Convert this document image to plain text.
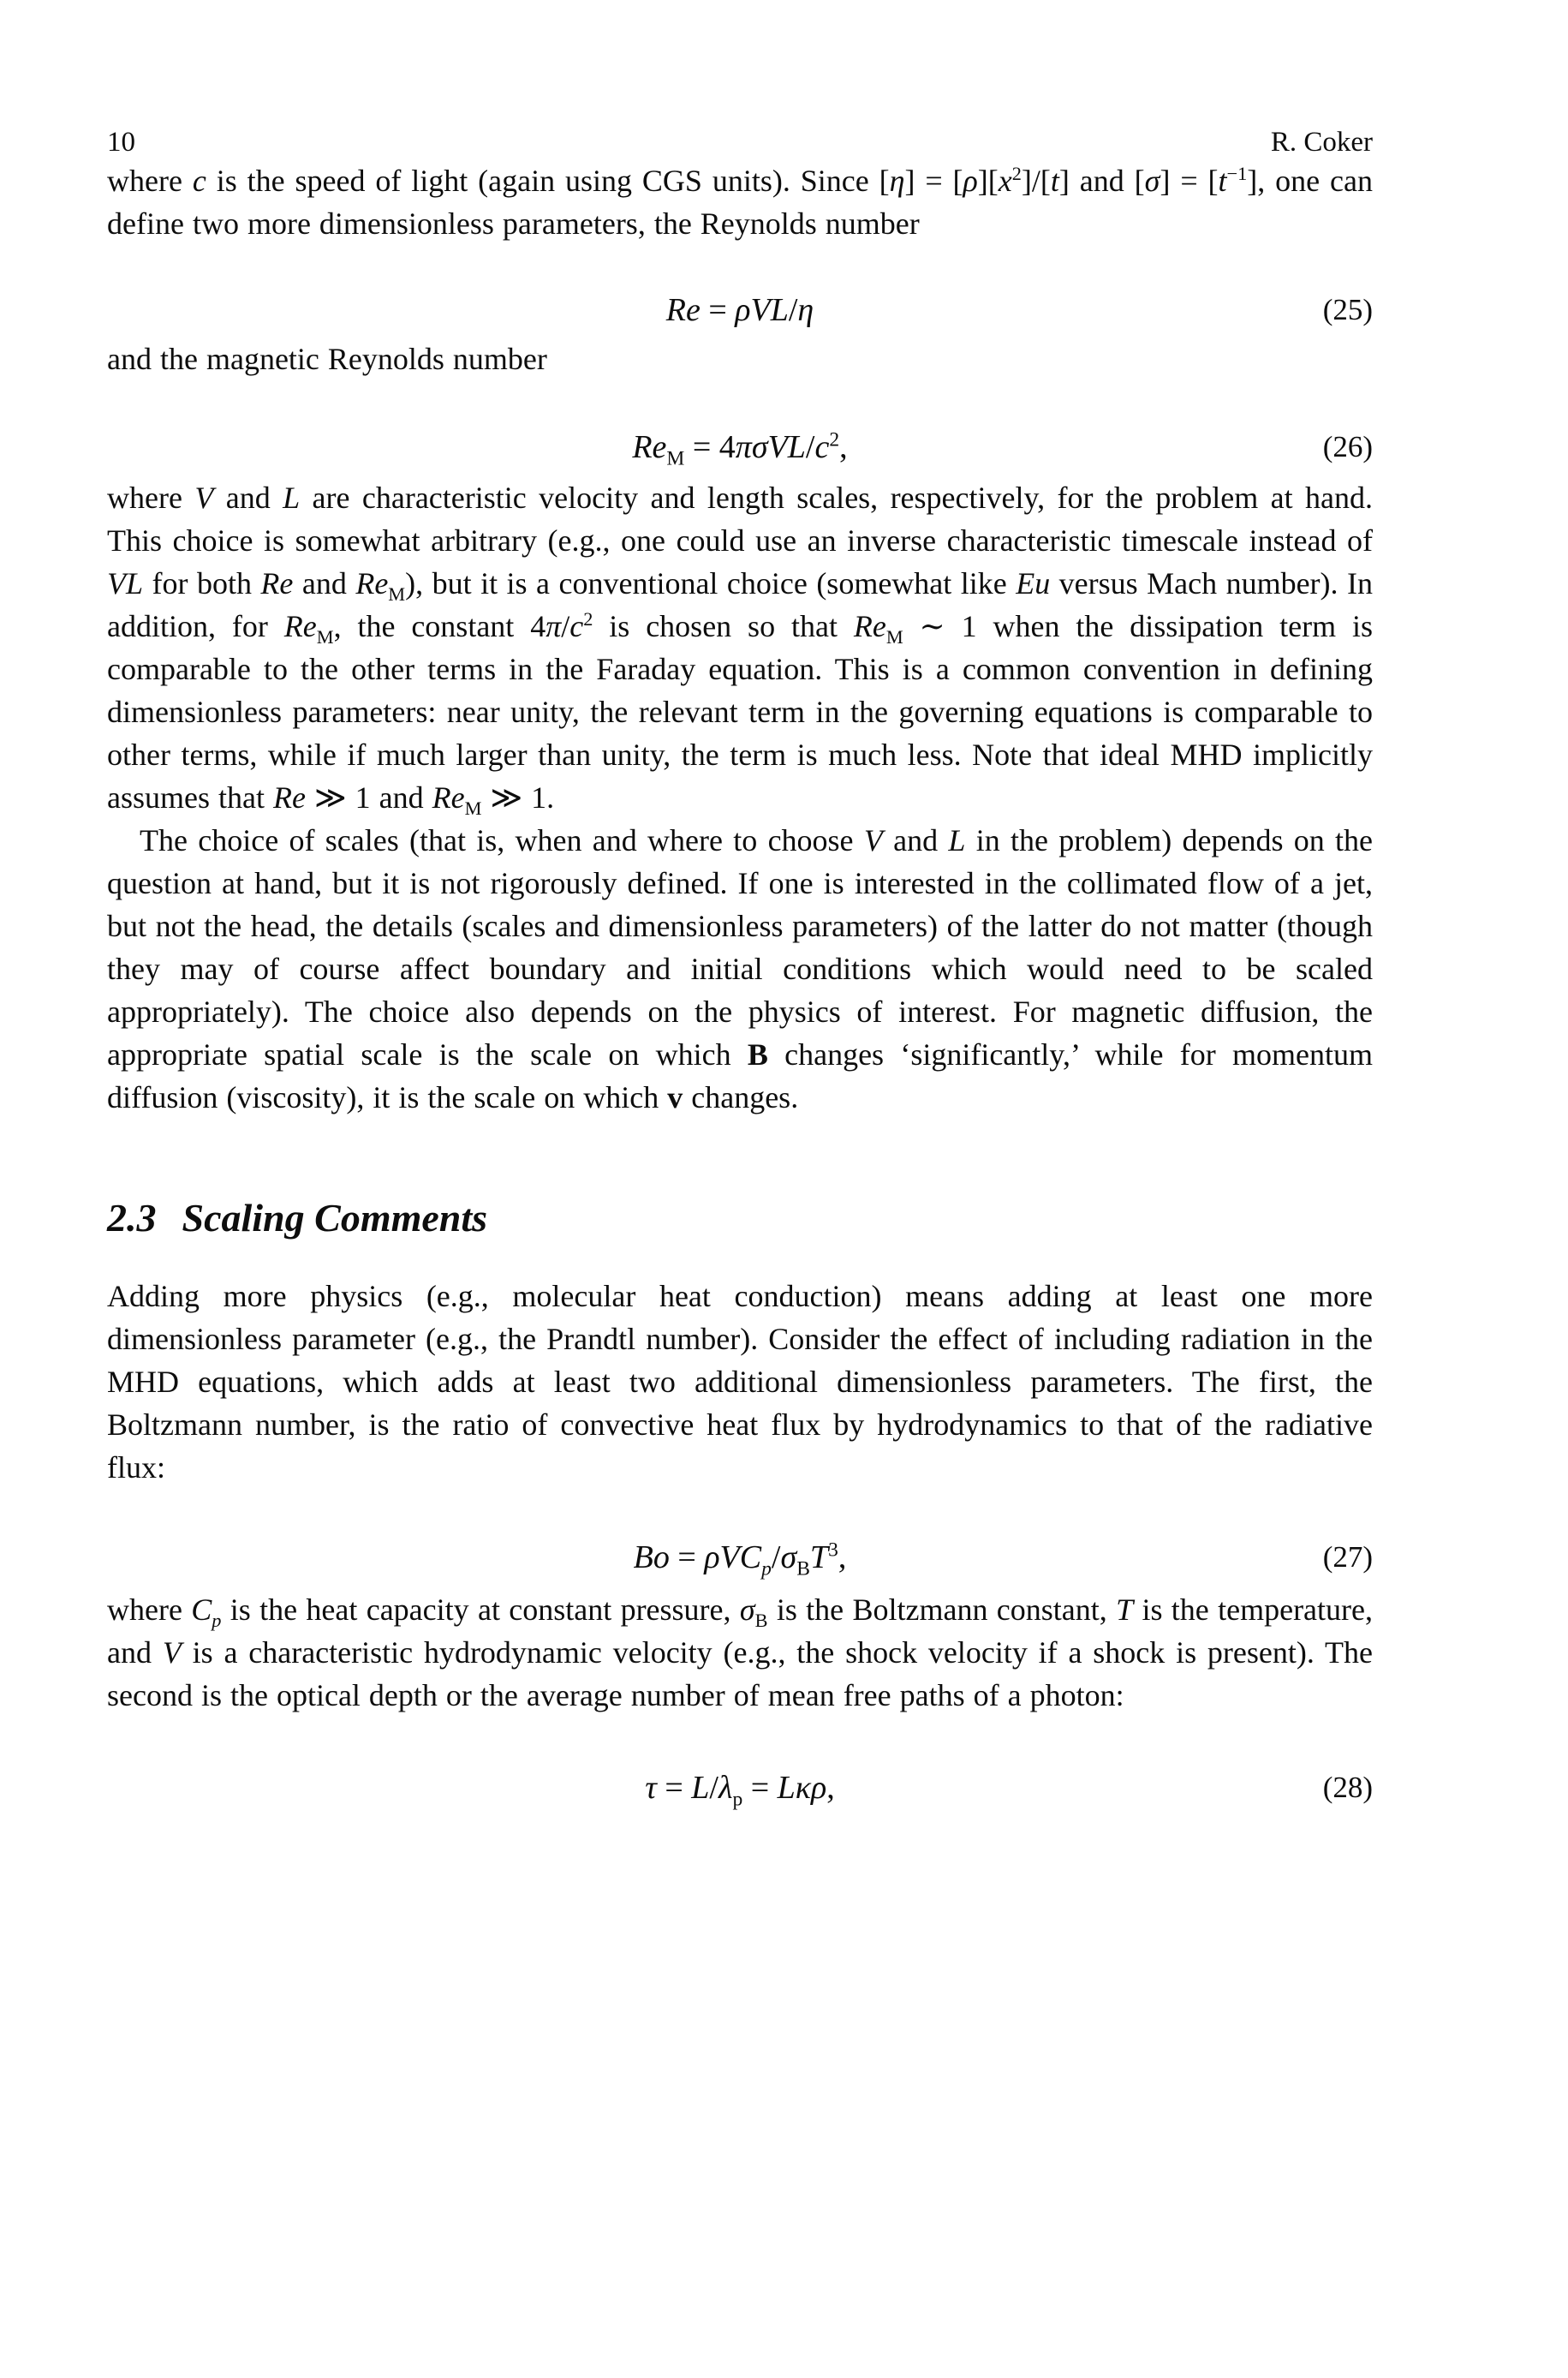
10	R. Coker

where c is the speed of light (again using CGS units). Since $[\eta] = [\rho][x^2]/[t]$ and $[\sigma] = [t^{-1}]$, one can define two more dimensionless parameters, the Reynolds number

Re = ρVL/η	(25)

and the magnetic Reynolds number

$Re_M = 4\pi\sigma VL/c^2$,	(26)

where V and L are characteristic velocity and length scales, respectively, for the problem at hand. This choice is somewhat arbitrary (e.g., one could use an inverse characteristic timescale instead of VL for both Re and $Re_M$), but it is a conventional choice (somewhat like Eu versus Mach number). In addition, for $Re_M$, the constant $4\pi/c^2$ is chosen so that $Re_M$ ∼ 1 when the dissipation term is comparable to the other terms in the Faraday equation. This is a common convention in defining dimensionless parameters: near unity, the relevant term in the governing equations is comparable to other terms, while if much larger than unity, the term is much less. Note that ideal MHD implicitly assumes that Re ≫ 1 and $Re_M$ ≫ 1.

The choice of scales (that is, when and where to choose V and L in the problem) depends on the question at hand, but it is not rigorously defined. If one is interested in the collimated flow of a jet, but not the head, the details (scales and dimensionless parameters) of the latter do not matter (though they may of course affect boundary and initial conditions which would need to be scaled appropriately). The choice also depends on the physics of interest. For magnetic diffusion, the appropriate spatial scale is the scale on which B changes ‘significantly,’ while for momentum diffusion (viscosity), it is the scale on which v changes.

2.3 Scaling Comments

Adding more physics (e.g., molecular heat conduction) means adding at least one more dimensionless parameter (e.g., the Prandtl number). Consider the effect of including radiation in the MHD equations, which adds at least two additional dimensionless parameters. The first, the Boltzmann number, is the ratio of convective heat flux by hydrodynamics to that of the radiative flux:

$Bo = \rho VC_p/\sigma_BT^3$,	(27)

where $C_p$ is the heat capacity at constant pressure, $\sigma_B$ is the Boltzmann constant, T is the temperature, and V is a characteristic hydrodynamic velocity (e.g., the shock velocity if a shock is present). The second is the optical depth or the average number of mean free paths of a photon:

$\tau = L/\lambda_p = L\kappa\rho$,	(28)
